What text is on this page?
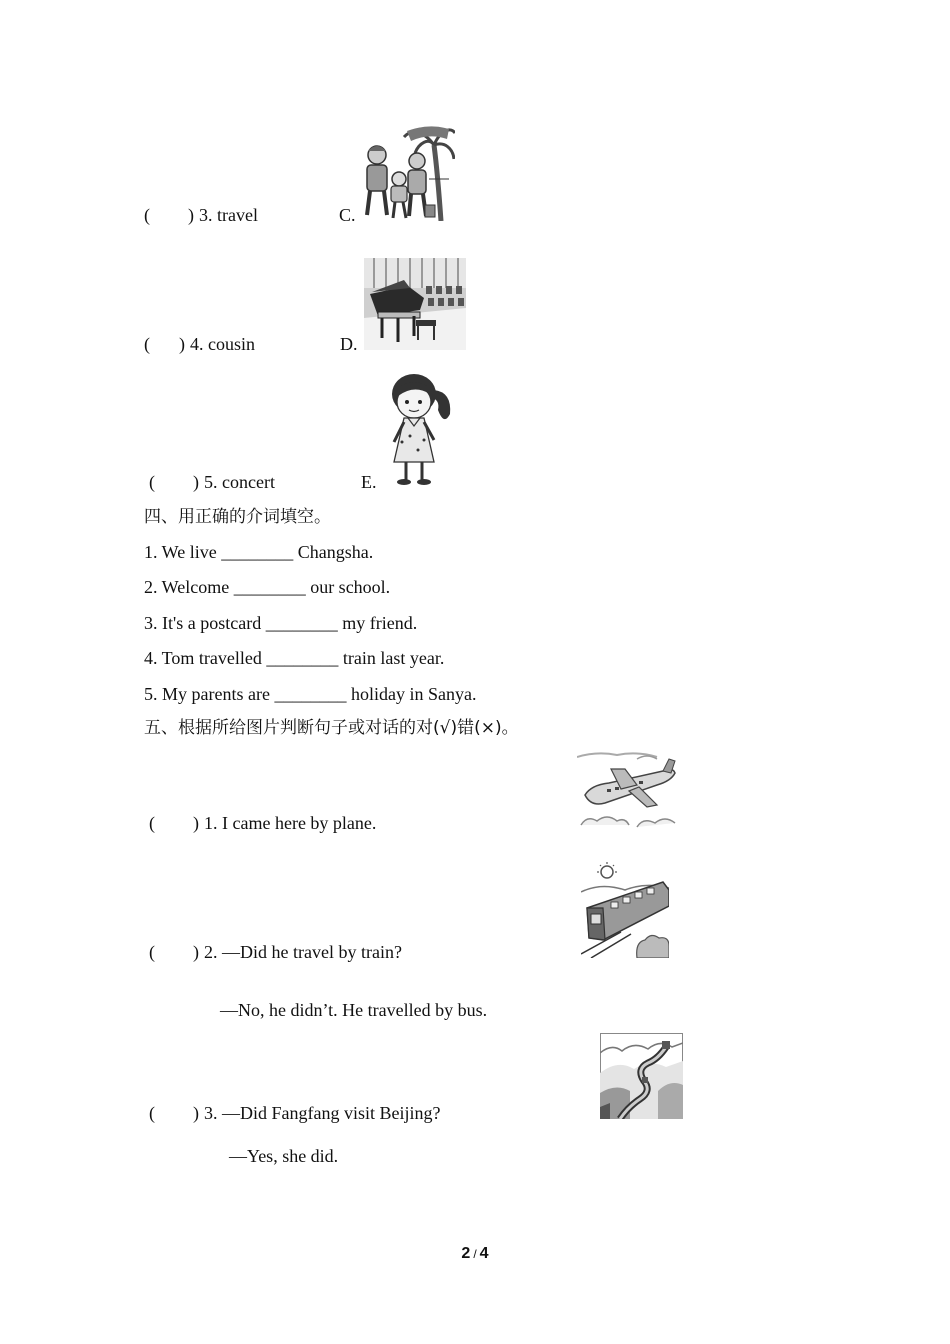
( ) 3. travel	C.
( ) 4. cousin	D.
( ) 5. concert	E.
四、用正确的介词填空。
1. We live ________ Changsha.
2. Welcome ________ our school.
3. It's a postcard ________ my friend.
4. Tom travelled ________ train last year.
5. My parents are ________ holiday in Sanya.
五、根据所给图片判断句子或对话的对(√)错(×)。
( ) 1. I came here by plane.
( ) 2. —Did he travel by train?
—No, he didn’t. He travelled by bus.
( ) 3. —Did Fangfang visit Beijing?
—Yes, she did.
2 / 4
